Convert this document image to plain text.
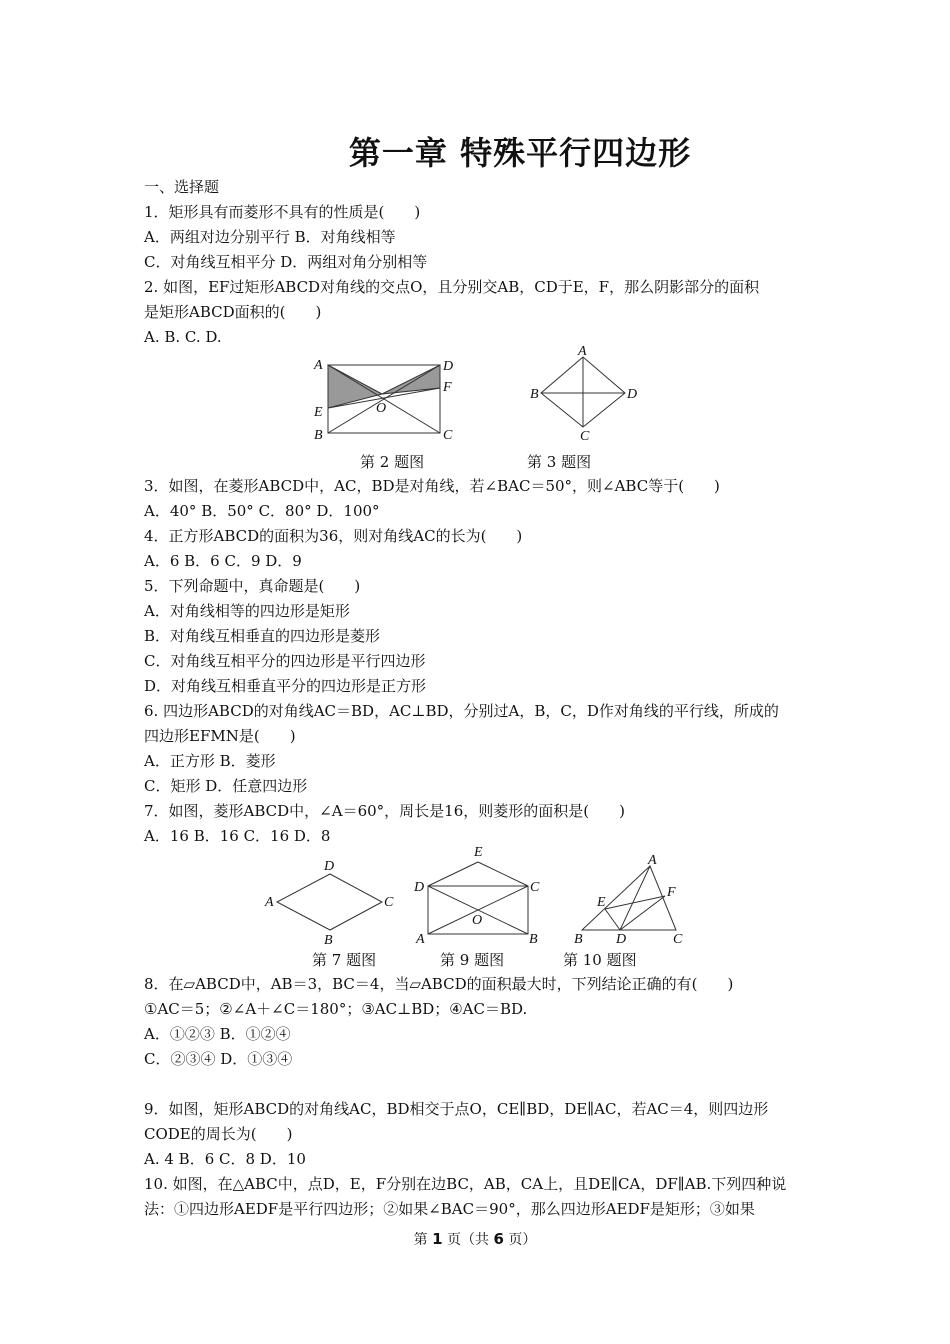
第一章 特殊平行四边形
一、选择题
1．矩形具有而菱形不具有的性质是(　　)
A．两组对边分别平行 B．对角线相等
C．对角线互相平分 D．两组对角分别相等
2. 如图，EF过矩形ABCD对角线的交点O，且分别交AB，CD于E，F，那么阴影部分的面积
是矩形ABCD面积的(　　)
A. B. C. D.
A	D
F
E	O
B	C
A
B	D
C
第 2 题图	第 3 题图
3．如图，在菱形ABCD中，AC，BD是对角线，若∠BAC＝50°，则∠ABC等于(　　)
A．40° B．50° C．80° D．100°
4．正方形ABCD的面积为36，则对角线AC的长为(　　)
A．6 B．6 C．9 D．9
5．下列命题中，真命题是(　　)
A．对角线相等的四边形是矩形
B．对角线互相垂直的四边形是菱形
C．对角线互相平分的四边形是平行四边形
D．对角线互相垂直平分的四边形是正方形
6. 四边形ABCD的对角线AC＝BD，AC⊥BD，分别过A，B，C，D作对角线的平行线，所成的
四边形EFMN是(　　)
A．正方形 B．菱形
C．矩形 D．任意四边形
7．如图，菱形ABCD中，∠A＝60°，周长是16，则菱形的面积是(　　)
A．16 B．16 C．16 D．8
D
A	C
B
E
D	C
O
A	B
A
F
E
B D	C
第 7 题图	第 9 题图	第 10 题图
8．在▱ABCD中，AB＝3，BC＝4，当▱ABCD的面积最大时，下列结论正确的有(　　)
①AC＝5；②∠A＋∠C＝180°；③AC⊥BD；④AC＝BD.
A．①②③ B．①②④
C．②③④ D．①③④
9．如图，矩形ABCD的对角线AC，BD相交于点O，CE∥BD，DE∥AC，若AC＝4，则四边形
CODE的周长为(　　)
A. 4 B．6 C．8 D．10
10. 如图，在△ABC中，点D，E，F分别在边BC，AB，CA上，且DE∥CA，DF∥AB.下列四种说
法：①四边形AEDF是平行四边形；②如果∠BAC＝90°，那么四边形AEDF是矩形；③如果
第 1 页（共 6 页）
